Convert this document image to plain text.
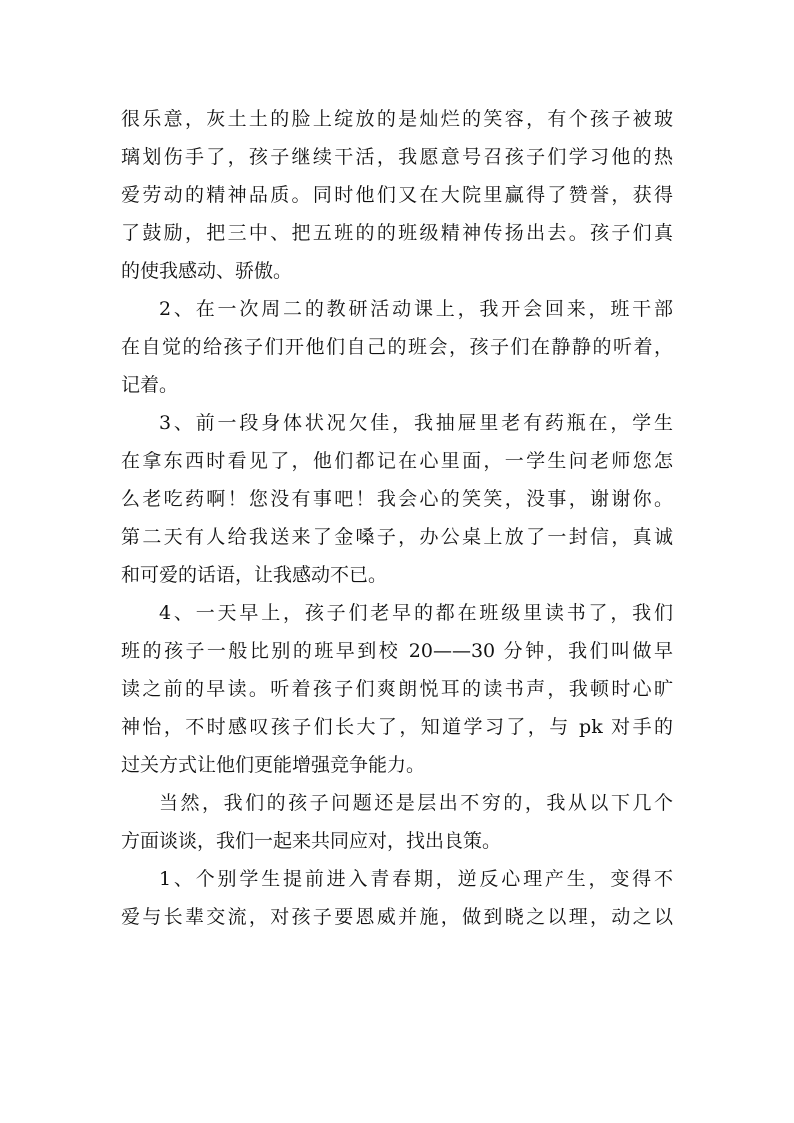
很乐意，灰土土的脸上绽放的是灿烂的笑容，有个孩子被玻
璃划伤手了，孩子继续干活，我愿意号召孩子们学习他的热
爱劳动的精神品质。同时他们又在大院里赢得了赞誉，获得
了鼓励，把三中、把五班的的班级精神传扬出去。孩子们真
的使我感动、骄傲。
2、在一次周二的教研活动课上，我开会回来，班干部
在自觉的给孩子们开他们自己的班会，孩子们在静静的听着，
记着。
3、前一段身体状况欠佳，我抽屉里老有药瓶在，学生
在拿东西时看见了，他们都记在心里面，一学生问老师您怎
么老吃药啊！您没有事吧！我会心的笑笑，没事，谢谢你。
第二天有人给我送来了金嗓子，办公桌上放了一封信，真诚
和可爱的话语，让我感动不已。
4、一天早上，孩子们老早的都在班级里读书了，我们
班的孩子一般比别的班早到校 20——30 分钟，我们叫做早
读之前的早读。听着孩子们爽朗悦耳的读书声，我顿时心旷
神怡，不时感叹孩子们长大了，知道学习了，与 pk 对手的
过关方式让他们更能增强竞争能力。
当然，我们的孩子问题还是层出不穷的，我从以下几个
方面谈谈，我们一起来共同应对，找出良策。
1、个别学生提前进入青春期，逆反心理产生，变得不
爱与长辈交流，对孩子要恩威并施，做到晓之以理，动之以
